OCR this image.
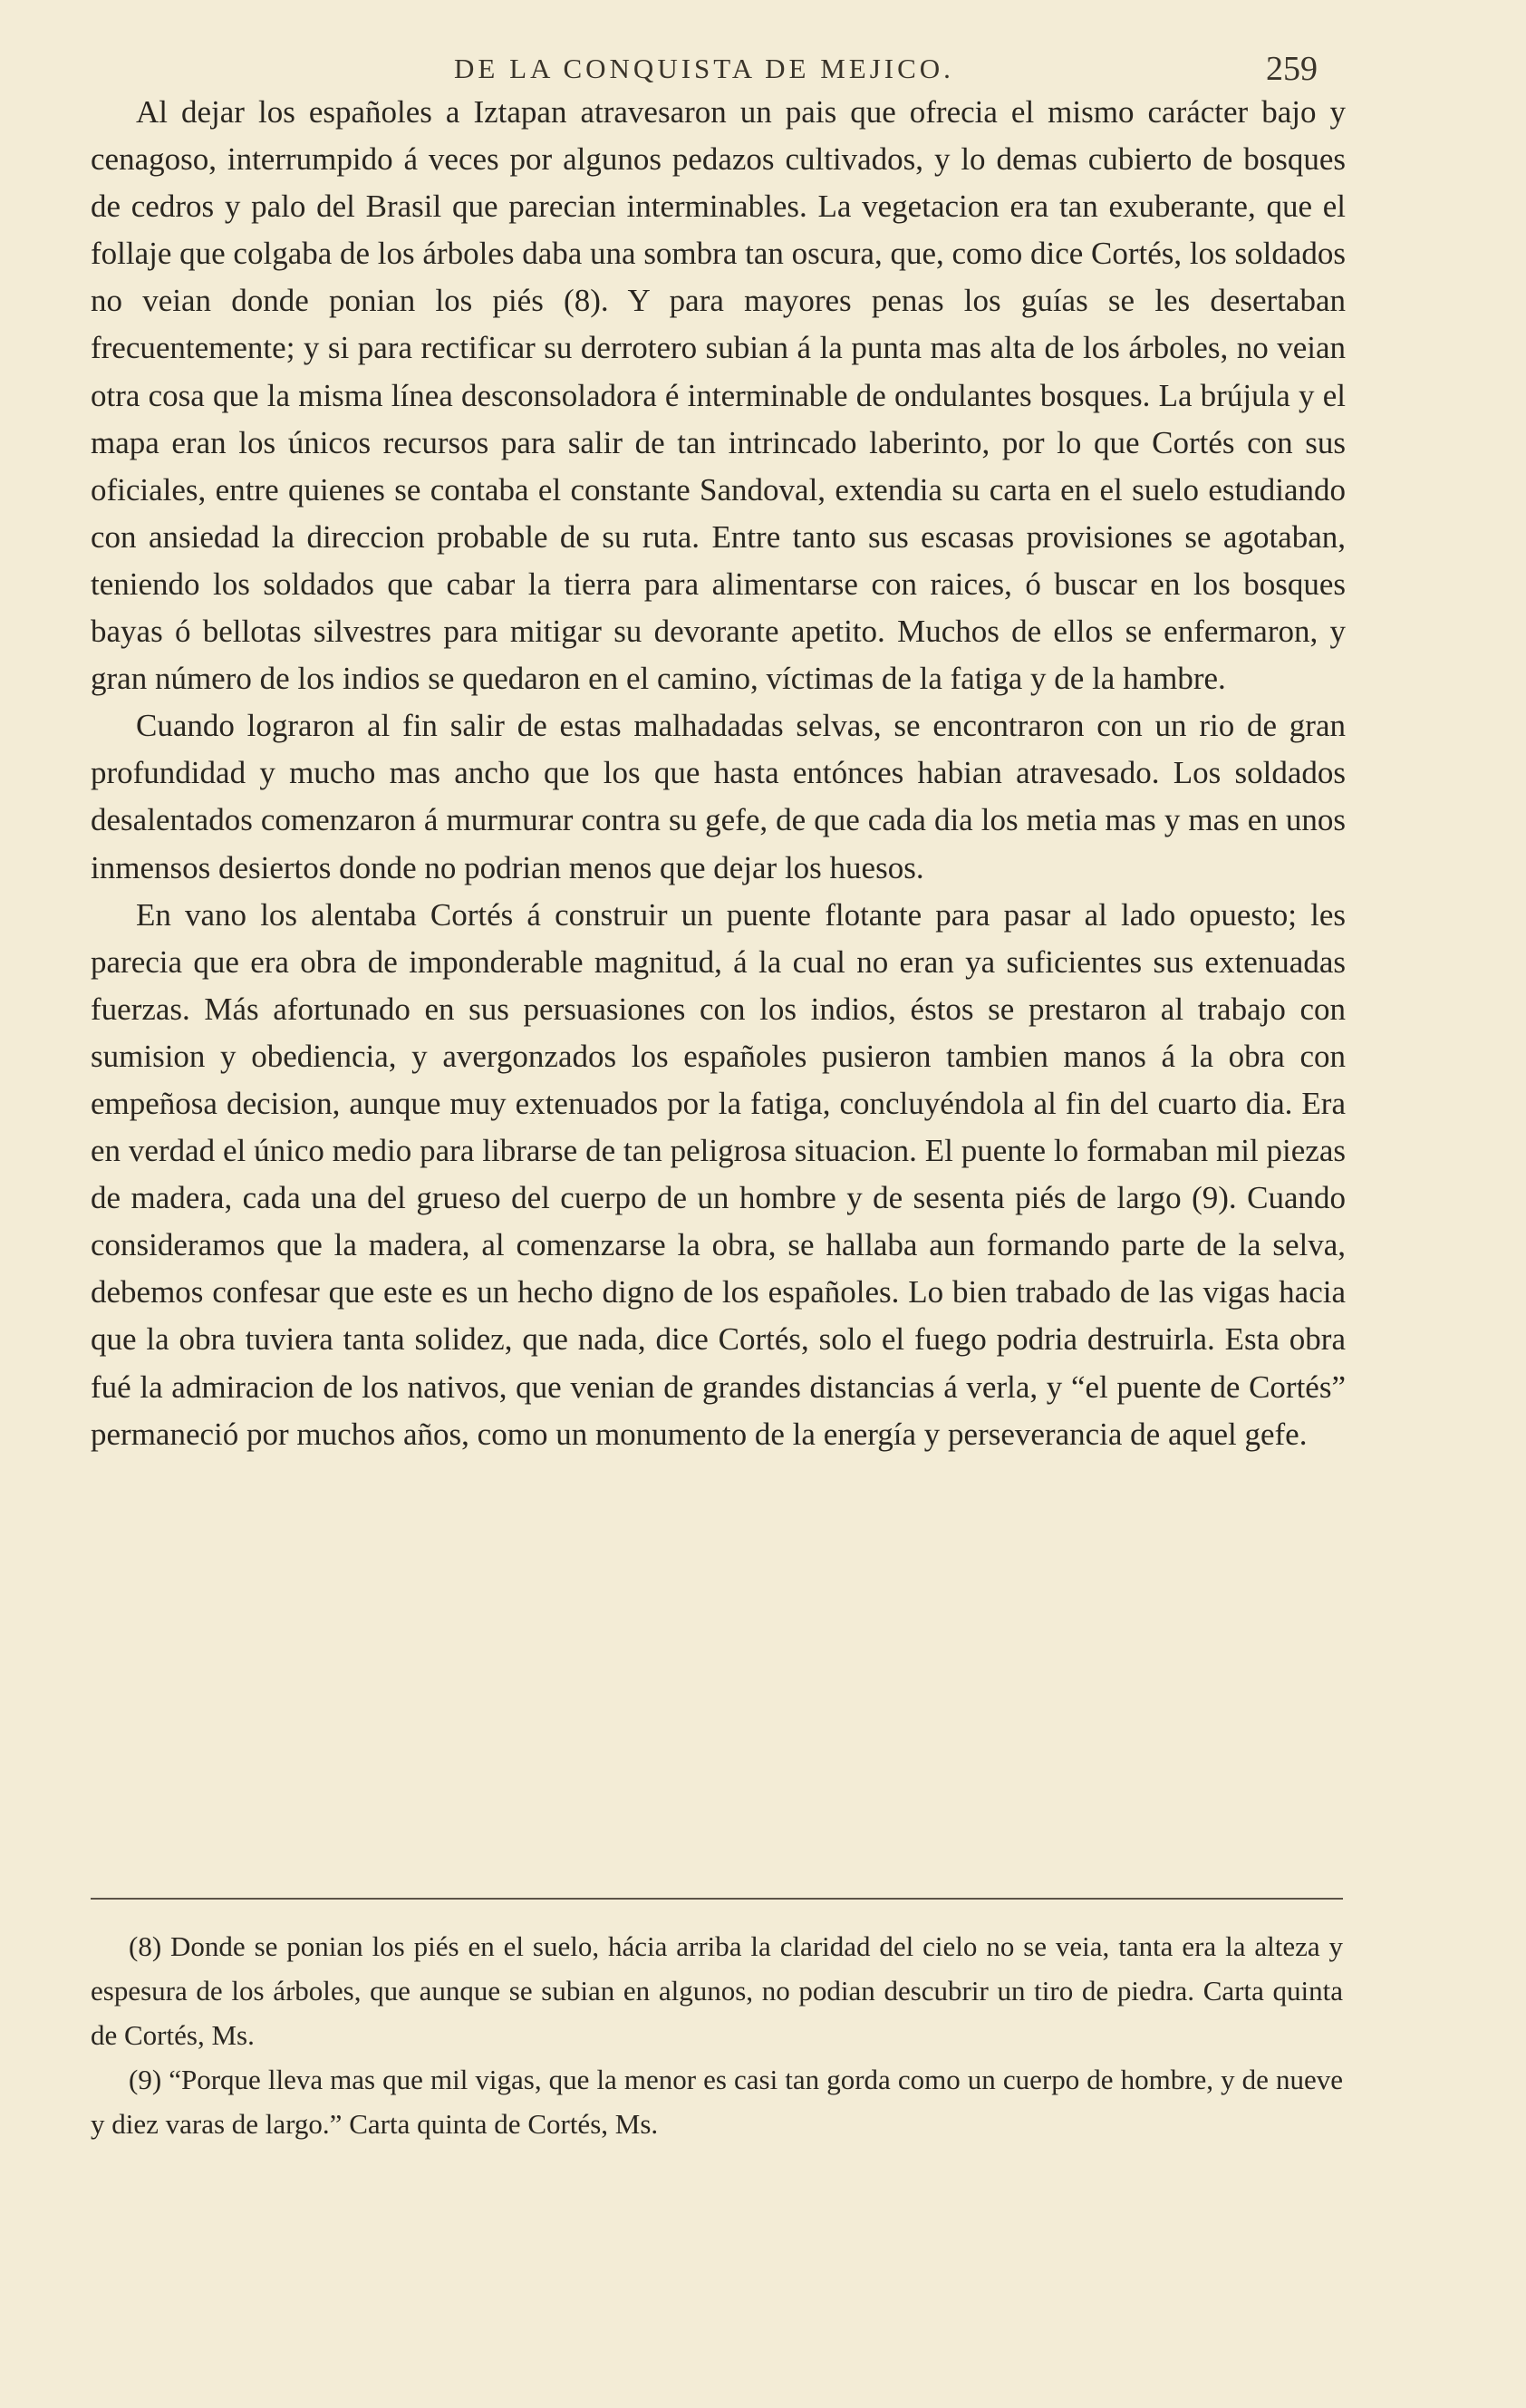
DE LA CONQUISTA DE MEJICO.	259

Al dejar los españoles a Iztapan atravesaron un pais que ofrecia el mismo carácter bajo y cenagoso, interrumpido á veces por algunos pedazos cultivados, y lo demas cubierto de bosques de cedros y palo del Brasil que parecian interminables. La vegetacion era tan exuberante, que el follaje que colgaba de los árboles daba una sombra tan oscura, que, como dice Cortés, los soldados no veian donde ponian los piés (8). Y para mayores penas los guías se les desertaban frecuentemente; y si para rectificar su derrotero subian á la punta mas alta de los árboles, no veian otra cosa que la misma línea desconsoladora é interminable de ondulantes bosques. La brújula y el mapa eran los únicos recursos para salir de tan intrincado laberinto, por lo que Cortés con sus oficiales, entre quienes se contaba el constante Sandoval, extendia su carta en el suelo estudiando con ansiedad la direccion probable de su ruta. Entre tanto sus escasas provisiones se agotaban, teniendo los soldados que cabar la tierra para alimentarse con raices, ó buscar en los bosques bayas ó bellotas silvestres para mitigar su devorante apetito. Muchos de ellos se enfermaron, y gran número de los indios se quedaron en el camino, víctimas de la fatiga y de la hambre.

Cuando lograron al fin salir de estas malhadadas selvas, se encontraron con un rio de gran profundidad y mucho mas ancho que los que hasta entónces habian atravesado. Los soldados desalentados comenzaron á murmurar contra su gefe, de que cada dia los metia mas y mas en unos inmensos desiertos donde no podrian menos que dejar los huesos.

En vano los alentaba Cortés á construir un puente flotante para pasar al lado opuesto; les parecia que era obra de imponderable magnitud, á la cual no eran ya suficientes sus extenuadas fuerzas. Más afortunado en sus persuasiones con los indios, éstos se prestaron al trabajo con sumision y obediencia, y avergonzados los españoles pusieron tambien manos á la obra con empeñosa decision, aunque muy extenuados por la fatiga, concluyéndola al fin del cuarto dia. Era en verdad el único medio para librarse de tan peligrosa situacion. El puente lo formaban mil piezas de madera, cada una del grueso del cuerpo de un hombre y de sesenta piés de largo (9). Cuando consideramos que la madera, al comenzarse la obra, se hallaba aun formando parte de la selva, debemos confesar que este es un hecho digno de los españoles. Lo bien trabado de las vigas hacia que la obra tuviera tanta solidez, que nada, dice Cortés, solo el fuego podria destruirla. Esta obra fué la admiracion de los nativos, que venian de grandes distancias á verla, y “el puente de Cortés” permaneció por muchos años, como un monumento de la energía y perseverancia de aquel gefe.

(8) Donde se ponian los piés en el suelo, hácia arriba la claridad del cielo no se veia, tanta era la alteza y espesura de los árboles, que aunque se subian en algunos, no podian descubrir un tiro de piedra. Carta quinta de Cortés, Ms.

(9) “Porque lleva mas que mil vigas, que la menor es casi tan gorda como un cuerpo de hombre, y de nueve y diez varas de largo.” Carta quinta de Cortés, Ms.
